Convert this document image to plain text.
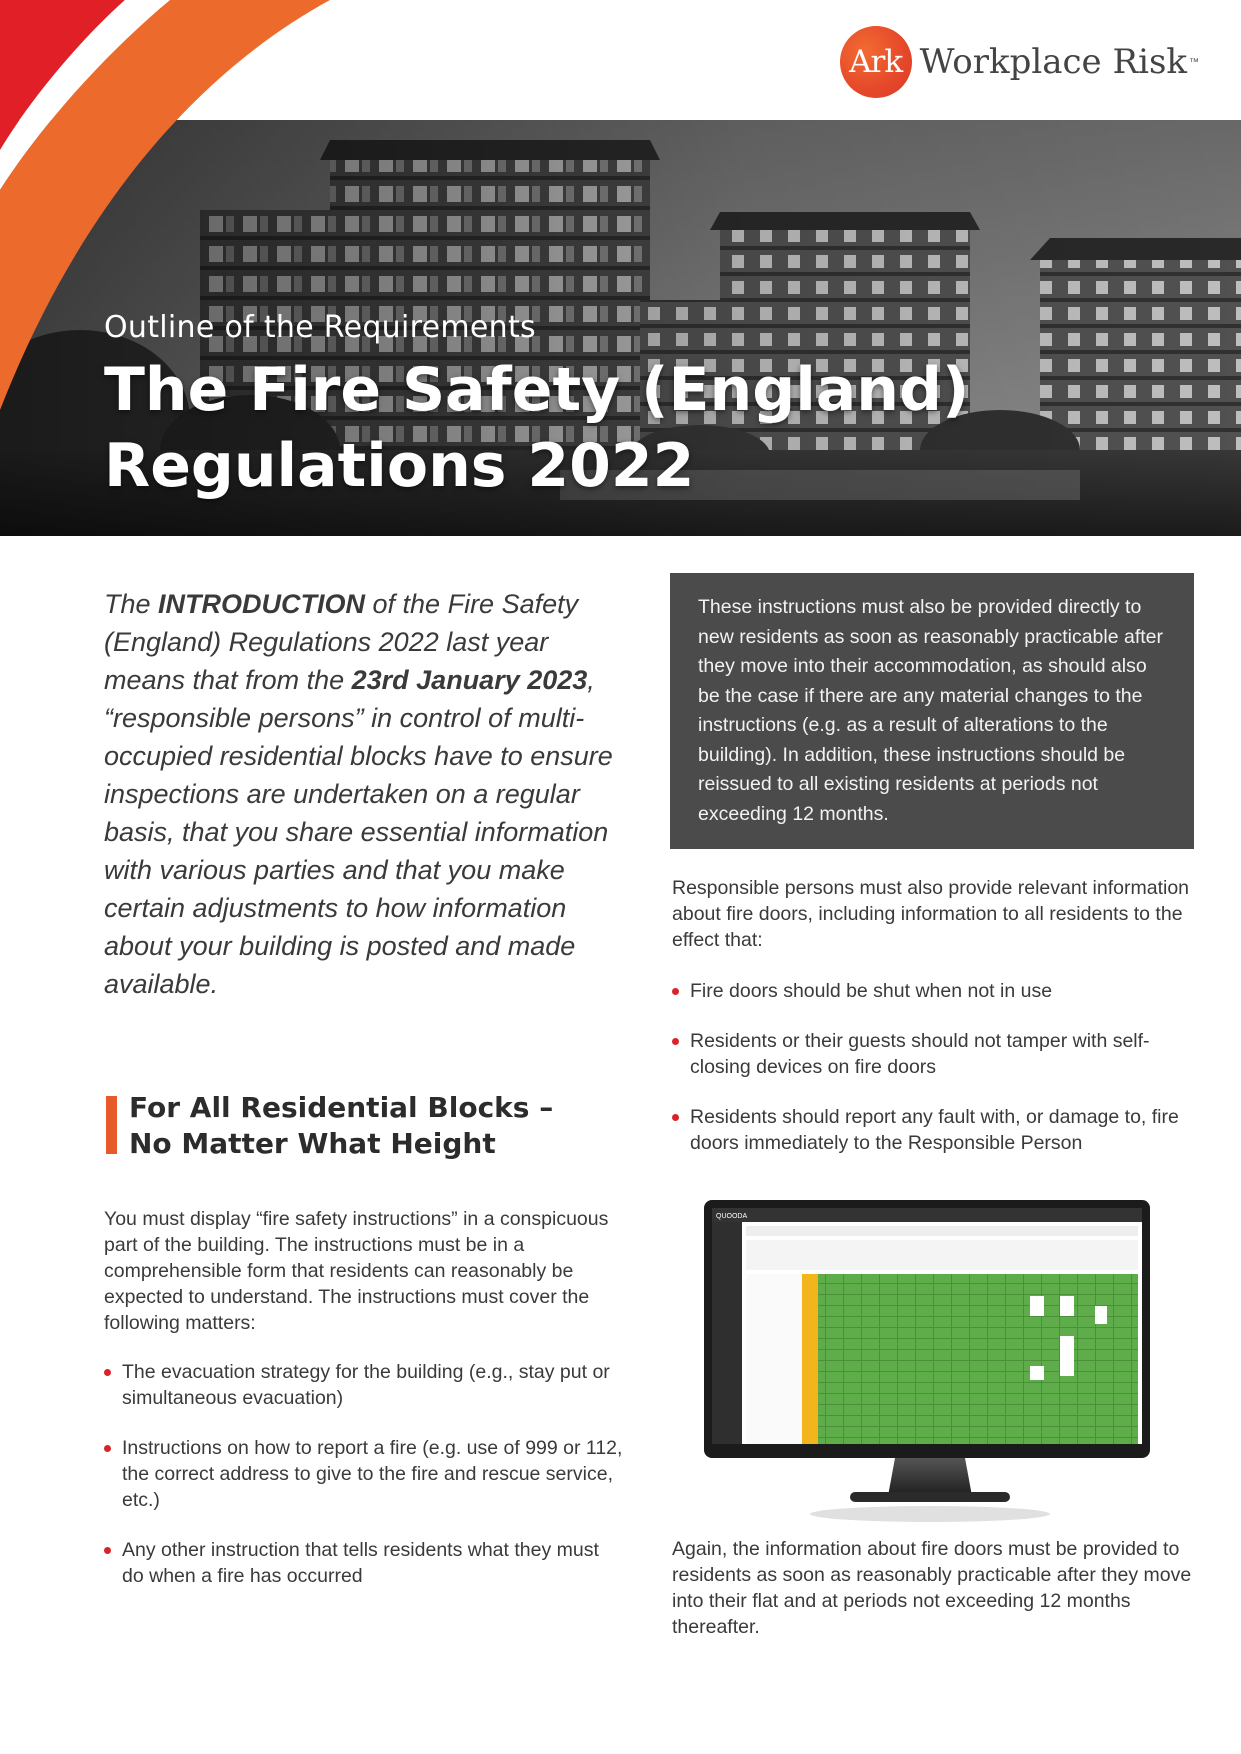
Ark Workplace Risk ™
Outline of the Requirements
The Fire Safety (England)
Regulations 2022

The INTRODUCTION of the Fire Safety (England) Regulations 2022 last year means that from the 23rd January 2023, “responsible persons” in control of multi-occupied residential blocks have to ensure inspections are undertaken on a regular basis, that you share essential information with various parties and that you make certain adjustments to how information about your building is posted and made available.

For All Residential Blocks –
No Matter What Height

You must display “fire safety instructions” in a conspicuous part of the building. The instructions must be in a comprehensible form that residents can reasonably be expected to understand. The instructions must cover the following matters:

The evacuation strategy for the building (e.g., stay put or simultaneous evacuation)
Instructions on how to report a fire (e.g. use of 999 or 112, the correct address to give to the fire and rescue service, etc.)
Any other instruction that tells residents what they must do when a fire has occurred

These instructions must also be provided directly to new residents as soon as reasonably practicable after they move into their accommodation, as should also be the case if there are any material changes to the instructions (e.g. as a result of alterations to the building). In addition, these instructions should be reissued to all existing residents at periods not exceeding 12 months.

Responsible persons must also provide relevant information about fire doors, including information to all residents to the effect that:

Fire doors should be shut when not in use
Residents or their guests should not tamper with self-closing devices on fire doors
Residents should report any fault with, or damage to, fire doors immediately to the Responsible Person
QUOODA

Again, the information about fire doors must be provided to residents as soon as reasonably practicable after they move into their flat and at periods not exceeding 12 months thereafter.
